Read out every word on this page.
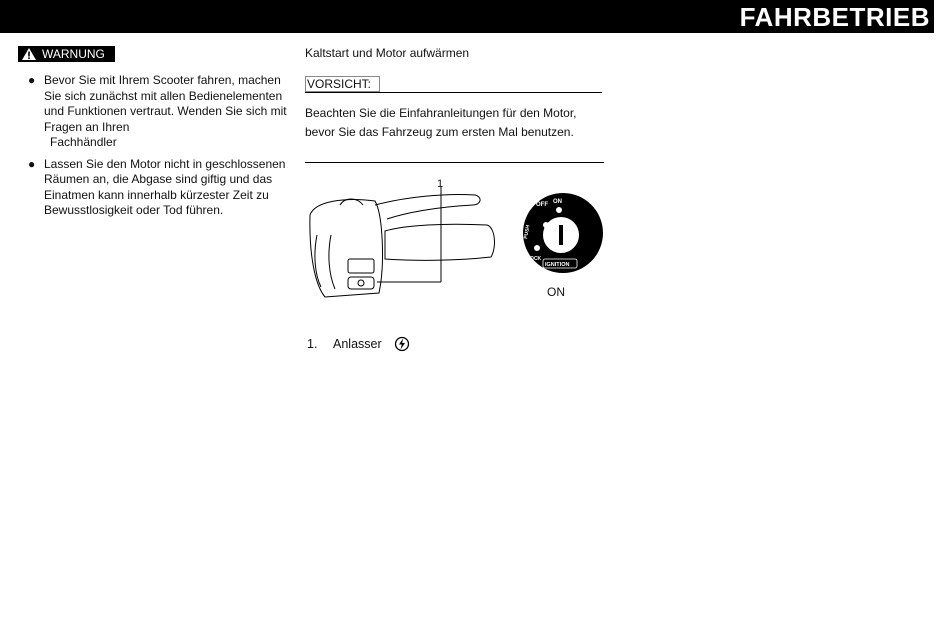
FAHRBETRIEB
WARNUNG
● Bevor Sie mit Ihrem Scooter fahren, machen Sie sich zunächst mit allen Bedienelementen und Funktionen vertraut. Wenden Sie sich mit Fragen an Ihren
Fachhändler
● Lassen Sie den Motor nicht in geschlossenen Räumen an, die Abgase sind giftig und das Einatmen kann innerhalb kürzester Zeit zu Bewusstlosigkeit oder Tod führen.
Kaltstart und Motor aufwärmen
VORSICHT:
Beachten Sie die Einfahranleitungen für den Motor, bevor Sie das Fahrzeug zum ersten Mal benutzen.
OFF ON
PUSH
LOCK
IGNITION
1
ON
1.	Anlasser
